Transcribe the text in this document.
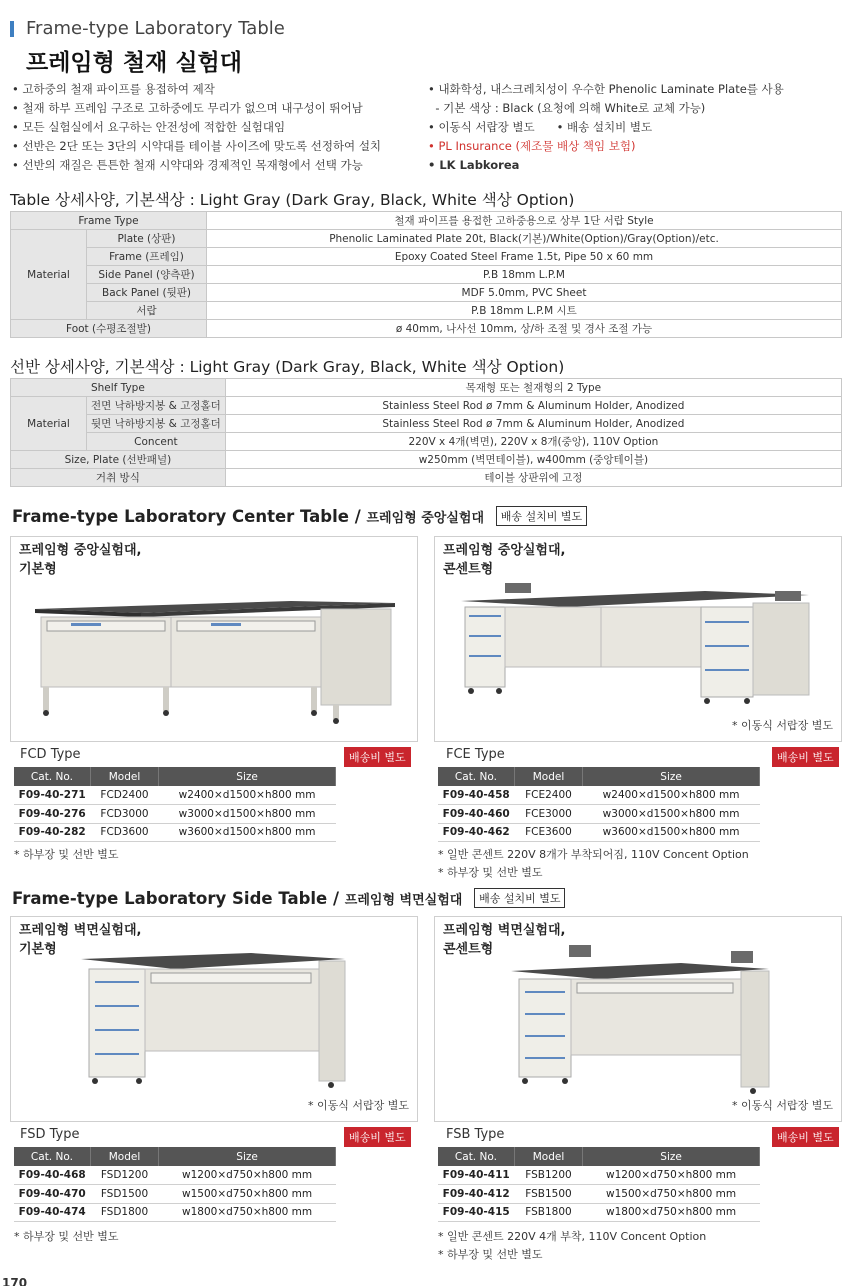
Frame-type Laboratory Table
프레임형 철재 실험대
• 고하중의 철재 파이프를 용접하여 제작
• 철재 하부 프레임 구조로 고하중에도 무리가 없으며 내구성이 뛰어남
• 모든 실험실에서 요구하는 안전성에 적합한 실험대임
• 선반은 2단 또는 3단의 시약대를 테이블 사이즈에 맞도록 선정하여 설치
• 선반의 재질은 튼튼한 철재 시약대와 경제적인 목재형에서 선택 가능
• 내화학성, 내스크레치성이 우수한 Phenolic Laminate Plate를 사용
- 기본 색상 : Black (요청에 의해 White로 교체 가능)
• 이동식 서랍장 별도      • 배송 설치비 별도
• PL Insurance (제조물 배상 책임 보험)
• LK Labkorea
Table 상세사양, 기본색상 : Light Gray (Dark Gray, Black, White 색상 Option)
Frame Type		철재 파이프를 용접한 고하중용으로 상부 1단 서랍 Style
Material	Plate (상판)	Phenolic Laminated Plate 20t, Black(기본)/White(Option)/Gray(Option)/etc.
	Frame (프레임)	Epoxy Coated Steel Frame 1.5t, Pipe 50 x 60 mm
	Side Panel (양측판)	P.B 18mm L.P.M
	Back Panel (뒷판)	MDF 5.0mm, PVC Sheet
	서랍	P.B 18mm L.P.M 시트
Foot (수평조절발)		ø 40mm, 나사선 10mm, 상/하 조절 및 경사 조절 가능
선반 상세사양, 기본색상 : Light Gray (Dark Gray, Black, White 색상 Option)
Shelf Type		목재형 또는 철재형의 2 Type
Material	전면 낙하방지봉 & 고정홀더	Stainless Steel Rod ø 7mm & Aluminum Holder, Anodized
	뒷면 낙하방지봉 & 고정홀더	Stainless Steel Rod ø 7mm & Aluminum Holder, Anodized
	Concent	220V x 4개(벽면), 220V x 8개(중앙), 110V Option
Size, Plate (선반패널)		w250mm (벽면테이블), w400mm (중앙테이블)
거취 방식		테이블 상판위에 고정
Frame-type Laboratory Center Table / 프레임형 중앙실험대 배송 설치비 별도
프레임형 중앙실험대,
기본형
FCD Type	배송비 별도
Cat. No.	Model	Size
F09-40-271	FCD2400	w2400×d1500×h800 mm
F09-40-276	FCD3000	w3000×d1500×h800 mm
F09-40-282	FCD3600	w3600×d1500×h800 mm
* 하부장 및 선반 별도
프레임형 중앙실험대,
콘센트형
* 이동식 서랍장 별도
FCE Type	배송비 별도
Cat. No.	Model	Size
F09-40-458	FCE2400	w2400×d1500×h800 mm
F09-40-460	FCE3000	w3000×d1500×h800 mm
F09-40-462	FCE3600	w3600×d1500×h800 mm
* 일반 콘센트 220V 8개가 부착되어짐, 110V Concent Option
* 하부장 및 선반 별도
Frame-type Laboratory Side Table / 프레임형 벽면실험대 배송 설치비 별도
프레임형 벽면실험대,
기본형
* 이동식 서랍장 별도
FSD Type	배송비 별도
Cat. No.	Model	Size
F09-40-468	FSD1200	w1200×d750×h800 mm
F09-40-470	FSD1500	w1500×d750×h800 mm
F09-40-474	FSD1800	w1800×d750×h800 mm
* 하부장 및 선반 별도
프레임형 벽면실험대,
콘센트형
* 이동식 서랍장 별도
FSB Type	배송비 별도
Cat. No.	Model	Size
F09-40-411	FSB1200	w1200×d750×h800 mm
F09-40-412	FSB1500	w1500×d750×h800 mm
F09-40-415	FSB1800	w1800×d750×h800 mm
* 일반 콘센트 220V 4개 부착, 110V Concent Option
* 하부장 및 선반 별도
170
